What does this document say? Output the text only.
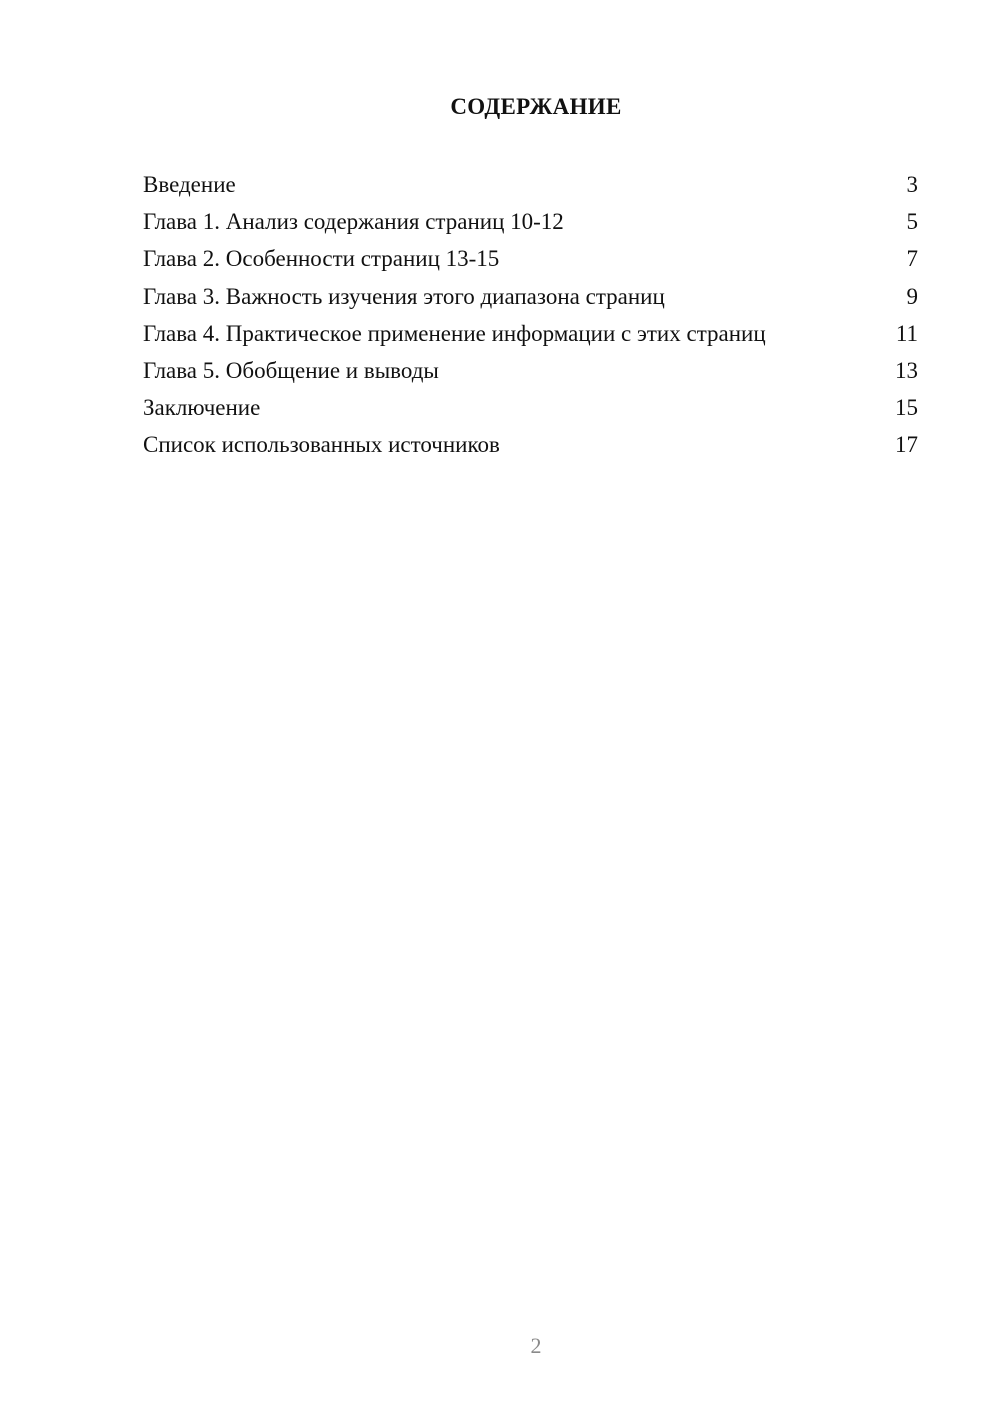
СОДЕРЖАНИЕ
Введение	3
Глава 1. Анализ содержания страниц 10-12	5
Глава 2. Особенности страниц 13-15	7
Глава 3. Важность изучения этого диапазона страниц	9
Глава 4. Практическое применение информации с этих страниц	11
Глава 5. Обобщение и выводы	13
Заключение	15
Список использованных источников	17
2
